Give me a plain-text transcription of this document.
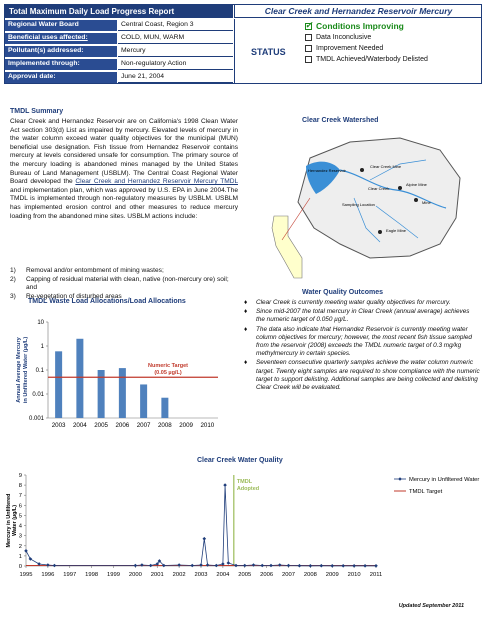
Total Maximum Daily Load Progress Report	Clear Creek and Hernandez Reservoir Mercury
Regional Water Board	Central Coast, Region 3
Beneficial uses affected:	COLD, MUN, WARM
Pollutant(s) addressed:	Mercury
Implemented through:	Non-regulatory Action
Approval date:	June 21, 2004
STATUS
✓
Conditions Improving
Data Inconclusive
Improvement Needed
TMDL Achieved/Waterbody Delisted
TMDL Summary
Clear Creek and Hernandez Reservoir are on California's 1998 Clean Water Act section 303(d) List as impaired by mercury. Elevated levels of mercury in the water column exceed water quality objectives for the municipal (MUN) beneficial use designation. Fish tissue from Hernandez Reservoir contains mercury at levels considered unsafe for consumption. The primary source of the mercury loading is abandoned mines managed by the United States Bureau of Land Management (USBLM). The Central Coast Regional Water Board developed the Clear Creek and Hernandez Reservoir Mercury TMDL and implementation plan, which was approved by U.S. EPA in June 2004.The TMDL is implemented through non-regulatory measures by USBLM. USBLM has implemented erosion control and other measures to reduce mercury loading from the abandoned mine sites. USBLM actions include:
1)	Removal and/or entombment of mining wastes;
2)	Capping of residual material with clean, native (non-mercury ore) soil; and
3)	Re-vegetation of disturbed areas
Clear Creek Watershed
Hernandez Reservoir
Clear Creek Mine
Clear Creek
Alpine Mine
Sampling Location
Eagle Mine
Mine
TMDL Waste Load Allocations/Load Allocations
10
1
0.1
0.01
0.001
2003 2004 2005 2006 2007 2008 2009 2010
Numeric Target
(0.05 µg/L)
Annual Average Mercuryin Unfiltered Water (µg/L)
Water Quality Outcomes
♦	Clear Creek is currently meeting water quality objectives for mercury.
♦	Since mid-2007 the total mercury in Clear Creek (annual average) achieves the numeric target of 0.050 µg/L.
♦	The data also indicate that Hernandez Reservoir is currently meeting water column objectives for mercury; however, the most recent fish tissue sampled from the reservoir (2008) exceeds the TMDL numeric target of 0.3 mg/kg methylmercury in certain species.
♦	Seventeen consecutive quarterly samples achieve the water column numeric target. Twenty eight samples are required to show compliance with the numeric target to support delisting. Additional samples are being collected and delisting Clear Creek will be evaluated.
Clear Creek Water Quality
0
1
2
3
4
5
6
7
8
9
1995 1996 1997 1998 1999 2000 2001 2002 2003 2004 2005 2006 2007 2008 2009 2010 2011
TMDL
Adopted
Mercury in UnfilteredWater (µg/L)
Mercury in Unfiltered Water
TMDL Target
Updated September 2011
